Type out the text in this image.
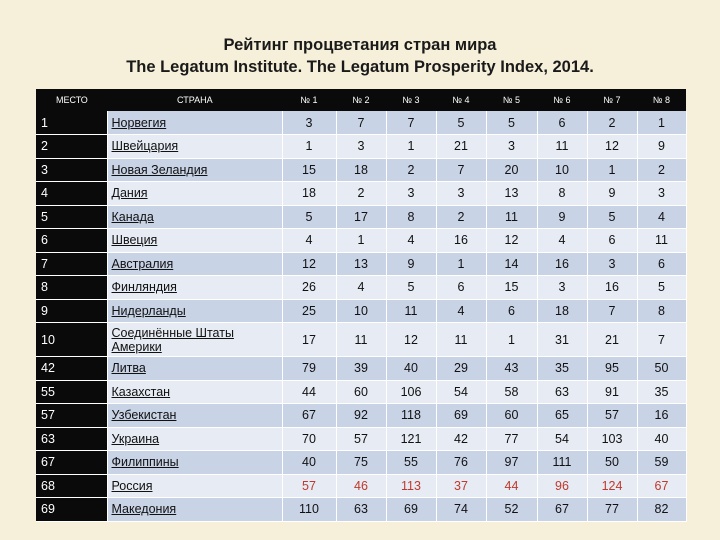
Рейтинг процветания стран мира
The Legatum Institute. The Legatum Prosperity Index, 2014.
МЕСТО	СТРАНА	№ 1	№ 2	№ 3	№ 4	№ 5	№ 6	№ 7	№ 8
1	Норвегия	3	7	7	5	5	6	2	1
2	Швейцария	1	3	1	21	3	11	12	9
3	Новая Зеландия	15	18	2	7	20	10	1	2
4	Дания	18	2	3	3	13	8	9	3
5	Канада	5	17	8	2	11	9	5	4
6	Швеция	4	1	4	16	12	4	6	11
7	Австралия	12	13	9	1	14	16	3	6
8	Финляндия	26	4	5	6	15	3	16	5
9	Нидерланды	25	10	11	4	6	18	7	8
10	Соединённые Штаты Америки	17	11	12	11	1	31	21	7
42	Литва	79	39	40	29	43	35	95	50
55	Казахстан	44	60	106	54	58	63	91	35
57	Узбекистан	67	92	118	69	60	65	57	16
63	Украина	70	57	121	42	77	54	103	40
67	Филиппины	40	75	55	76	97	111	50	59
68	Россия	57	46	113	37	44	96	124	67
69	Македония	110	63	69	74	52	67	77	82
